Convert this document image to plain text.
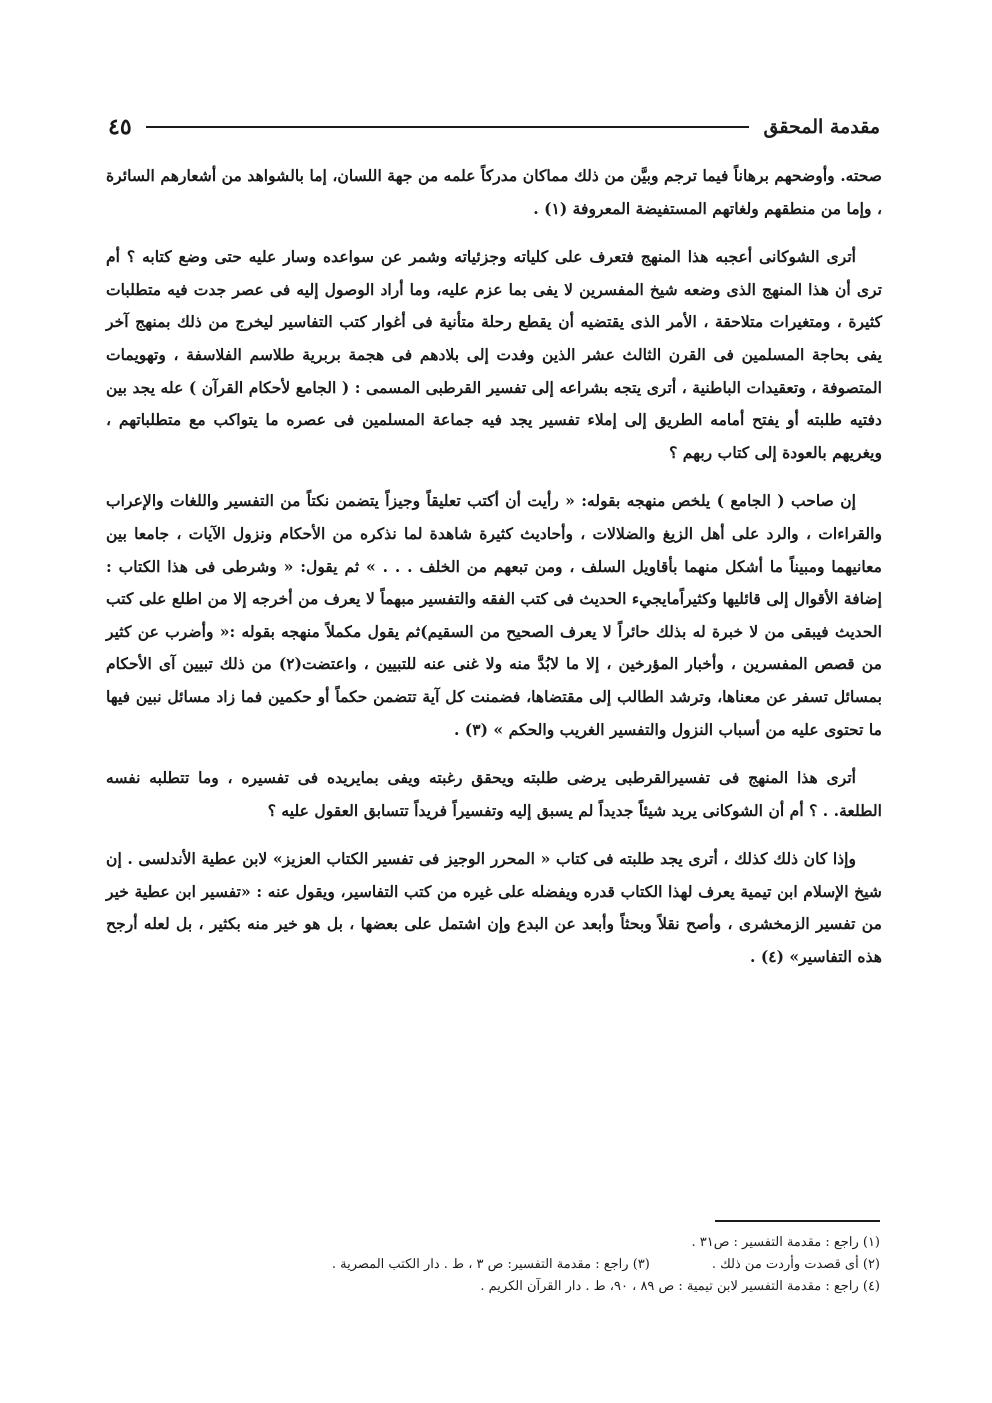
مقدمة المحقق
٤٥

صحته. وأوضحهم برهاناً فيما ترجم وبيَّن من ذلك مماكان مدركاً علمه من جهة اللسان، إما بالشواهد من أشعارهم السائرة ، وإما من منطقهم ولغاتهم المستفيضة المعروفة (١) .

أترى الشوكانى أعجبه هذا المنهج فتعرف على كلياته وجزئياته وشمر عن سواعده وسار عليه حتى وضع كتابه ؟ أم ترى أن هذا المنهج الذى وضعه شيخ المفسرين لا يفى بما عزم عليه، وما أراد الوصول إليه فى عصر جدت فيه متطلبات كثيرة ، ومتغيرات متلاحقة ، الأمر الذى يقتضيه أن يقطع رحلة متأنية فى أغوار كتب التفاسير ليخرج من ذلك بمنهج آخر يفى بحاجة المسلمين فى القرن الثالث عشر الذين وفدت إلى بلادهم فى هجمة بربرية طلاسم الفلاسفة ، وتهويمات المتصوفة ، وتعقيدات الباطنية ، أترى يتجه بشراعه إلى تفسير القرطبى المسمى : ( الجامع لأحكام القرآن ) عله يجد بين دفتيه طلبته أو يفتح أمامه الطريق إلى إملاء تفسير يجد فيه جماعة المسلمين فى عصره ما يتواكب مع متطلباتهم ، ويغريهم بالعودة إلى كتاب ربهم ؟

إن صاحب ( الجامع ) يلخص منهجه بقوله: « رأيت أن أكتب تعليقاً وجيزاً يتضمن نكتاً من التفسير واللغات والإعراب والقراءات ، والرد على أهل الزيغ والضلالات ، وأحاديث كثيرة شاهدة لما نذكره من الأحكام ونزول الآيات ، جامعا بين معانيهما ومبيناً ما أشكل منهما بأقاويل السلف ، ومن تبعهم من الخلف . . . » ثم يقول: « وشرطى فى هذا الكتاب : إضافة الأقوال إلى قائليها وكثيراًمايجيء الحديث فى كتب الفقه والتفسير مبهماً لا يعرف من أخرجه إلا من اطلع على كتب الحديث فيبقى من لا خبرة له بذلك حائراً لا يعرف الصحيح من السقيم)ثم يقول مكملاً منهجه بقوله :« وأضرب عن كثير من قصص المفسرين ، وأخبار المؤرخين ، إلا ما لابُدَّ منه ولا غنى عنه للتبيين ، واعتضت(٢) من ذلك تبيين آى الأحكام بمسائل تسفر عن معناها، وترشد الطالب إلى مقتضاها، فضمنت كل آية تتضمن حكماً أو حكمين فما زاد مسائل نبين فيها ما تحتوى عليه من أسباب النزول والتفسير الغريب والحكم » (٣) .

أترى هذا المنهج فى تفسيرالقرطبى يرضى طلبته ويحقق رغبته ويفى بمايريده فى تفسيره ، وما تتطلبه نفسه الطلعة. . ؟ أم أن الشوكانى يريد شيئاً جديداً لم يسبق إليه وتفسيراً فريداً تتسابق العقول عليه ؟

وإذا كان ذلك كذلك ، أترى يجد طلبته فى كتاب « المحرر الوجيز فى تفسير الكتاب العزيز» لابن عطية الأندلسى . إن شيخ الإسلام ابن تيمية يعرف لهذا الكتاب قدره ويفضله على غيره من كتب التفاسير، ويقول عنه : «تفسير ابن عطية خير من تفسير الزمخشرى ، وأصح نقلاً وبحثاً وأبعد عن البدع وإن اشتمل على بعضها ، بل هو خير منه بكثير ، بل لعله أرجح هذه التفاسير» (٤) .

(١) راجع : مقدمة التفسير : ص٣١ .
(٢) أى قصدت وأردت من ذلك .
(٣) راجع : مقدمة التفسير: ص ٣ ، ط . دار الكتب المصرية .
(٤) راجع : مقدمة التفسير لابن تيمية : ص ٨٩ ، ٩٠، ط . دار القرآن الكريم .
